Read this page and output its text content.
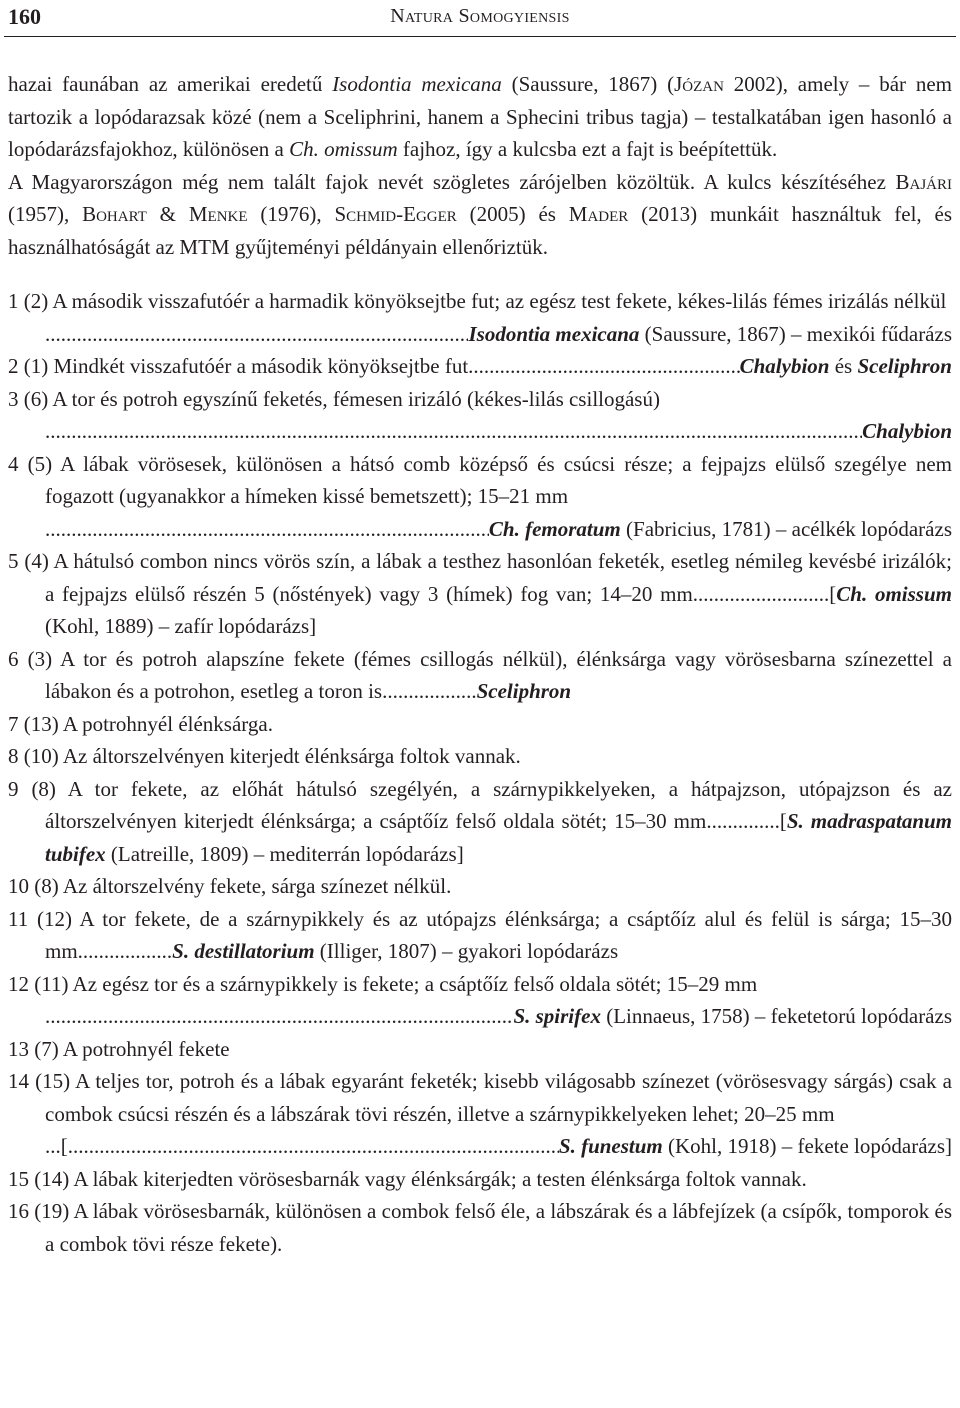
160	Natura Somogyiensis

hazai faunában az amerikai eredetű Isodontia mexicana (Saussure, 1867) (Józan 2002), amely – bár nem tartozik a lopódarazsak közé (nem a Sceliphrini, hanem a Sphecini tribus tagja) – testalkatában igen hasonló a lopódarázsfajokhoz, különösen a Ch. omissum fajhoz, így a kulcsba ezt a fajt is beépítettük.

A Magyarországon még nem talált fajok nevét szögletes zárójelben közöltük. A kulcs készítéséhez Bajári (1957), Bohart & Menke (1976), Schmid-Egger (2005) és Mader (2013) munkáit használtuk fel, és használhatóságát az MTM gyűjteményi példányain ellenőriztük.

1 (2) A második visszafutóér a harmadik könyöksejtbe fut; az egész test fekete, kékes-lilás fémes irizálás nélkül

... .....	Isodontia mexicana (Saussure, 1867) – mexikói fűdarázs
2 (1) Mindkét visszafutóér a második könyöksejtbe fut ........... .....	Chalybion és Sceliphron

3 (6) A tor és potroh egyszínű feketés, fémesen irizáló (kékes-lilás csillogású)

... .....	Chalybion

4 (5) A lábak vörösesek, különösen a hátsó comb középső és csúcsi része; a fejpajzs elülső szegélye nem fogazott (ugyanakkor a hímeken kissé bemetszett); 15–21 mm

... .....	Ch. femoratum (Fabricius, 1781) – acélkék lopódarázs

5 (4) A hátulsó combon nincs vörös szín, a lábak a testhez hasonlóan feketék, esetleg némileg kevésbé irizálók; a fejpajzs elülső részén 5 (nőstények) vagy 3 (hímek) fog van; 14–20 mm..........................[Ch. omissum (Kohl, 1889) – zafír lopódarázs]

6 (3) A tor és potroh alapszíne fekete (fémes csillogás nélkül), élénksárga vagy vörösesbarna színezettel a lábakon és a potrohon, esetleg a toron is..................Sceliphron

7 (13) A potrohnyél élénksárga.

8 (10) Az áltorszelvényen kiterjedt élénksárga foltok vannak.

9 (8) A tor fekete, az előhát hátulsó szegélyén, a szárnypikkelyeken, a hátpajzson, utópajzson és az áltorszelvényen kiterjedt élénksárga; a csáptőíz felső oldala sötét; 15–30 mm..............[S. madraspatanum tubifex (Latreille, 1809) – mediterrán lopódarázs]

10 (8) Az áltorszelvény fekete, sárga színezet nélkül.

11 (12) A tor fekete, de a szárnypikkely és az utópajzs élénksárga; a csáptőíz alul és felül is sárga; 15–30 mm..................S. destillatorium (Illiger, 1807) – gyakori lopódarázs

12 (11) Az egész tor és a szárnypikkely is fekete; a csáptőíz felső oldala sötét; 15–29 mm

... .....	S. spirifex (Linnaeus, 1758) – feketetorú lopódarázs

13 (7) A potrohnyél fekete

14 (15) A teljes tor, potroh és a lábak egyaránt feketék; kisebb világosabb színezet (vörösesvagy sárgás) csak a combok csúcsi részén és a lábszárak tövi részén, illetve a szárnypikkelyeken lehet; 20–25 mm

...[ .....	S. funestum (Kohl, 1918) – fekete lopódarázs]

15 (14) A lábak kiterjedten vörösesbarnák vagy élénksárgák; a testen élénksárga foltok vannak.

16 (19) A lábak vörösesbarnák, különösen a combok felső éle, a lábszárak és a lábfejízek (a csípők, tomporok és a combok tövi része fekete).
